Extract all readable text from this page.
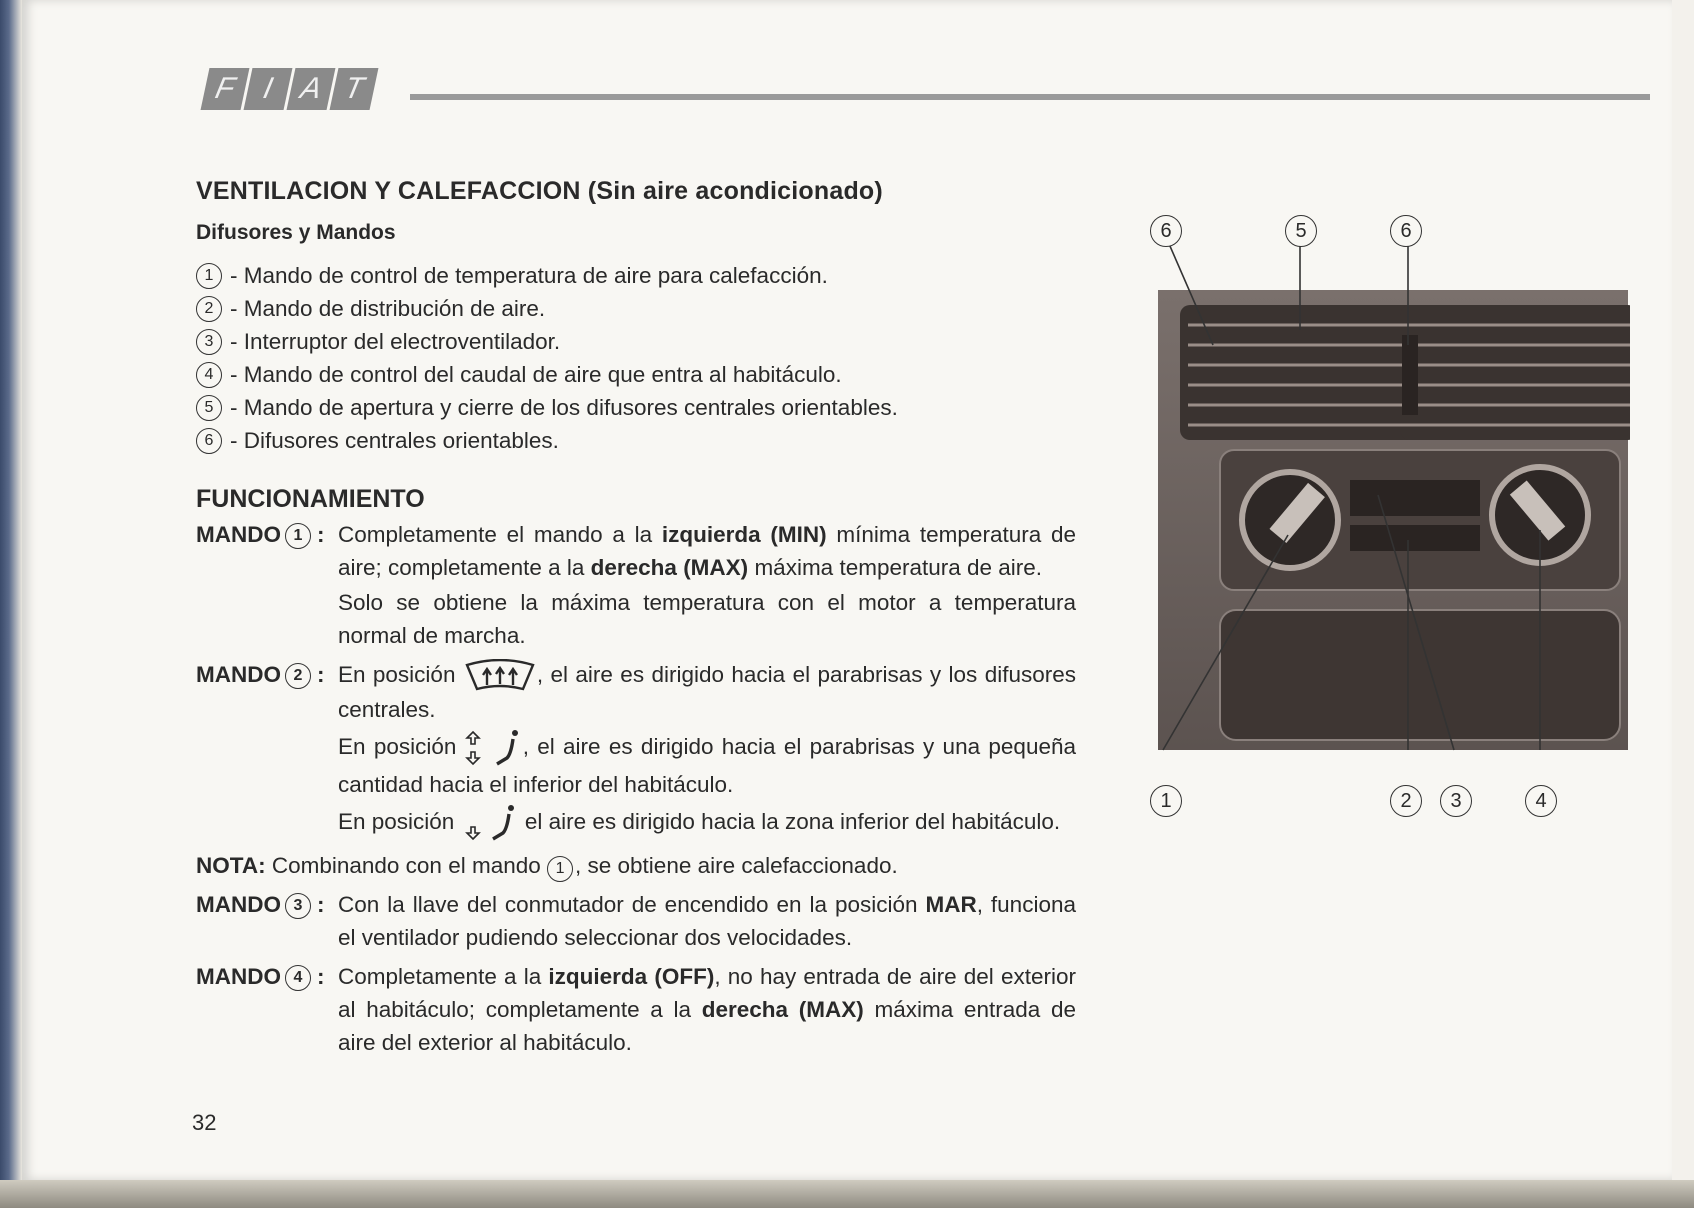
F I A T
VENTILACION Y CALEFACCION (Sin aire acondicionado)
Difusores y Mandos
1 - Mando de control de temperatura de aire para calefacción.
2 - Mando de distribución de aire.
3 - Interruptor del electroventilador.
4 - Mando de control del caudal de aire que entra al habitáculo.
5 - Mando de apertura y cierre de los difusores centrales orientables.
6 - Difusores centrales orientables.
FUNCIONAMIENTO
MANDO 1 : Completamente el mando a la izquierda (MIN) mínima temperatura de aire; completamente a la derecha (MAX) máxima temperatura de aire.

Solo se obtiene la máxima temperatura con el motor a temperatura normal de marcha.

MANDO 2 : En posición	, el aire es dirigido hacia el parabrisas y los difusores centrales.

En posición	, el aire es dirigido hacia el parabrisas y una pequeña cantidad hacia el inferior del habitáculo.

En posición	el aire es dirigido hacia la zona inferior del habitáculo.

NOTA: Combinando con el mando 1 , se obtiene aire calefaccionado.

MANDO 3 : Con la llave del conmutador de encendido en la posición MAR, funciona el ventilador pudiendo seleccionar dos velocidades.

MANDO 4 : Completamente a la izquierda (OFF), no hay entrada de aire del exterior al habitáculo; completamente a la derecha (MAX) máxima entrada de aire del exterior al habitáculo.

32
6	5	6
1	2	3	4
